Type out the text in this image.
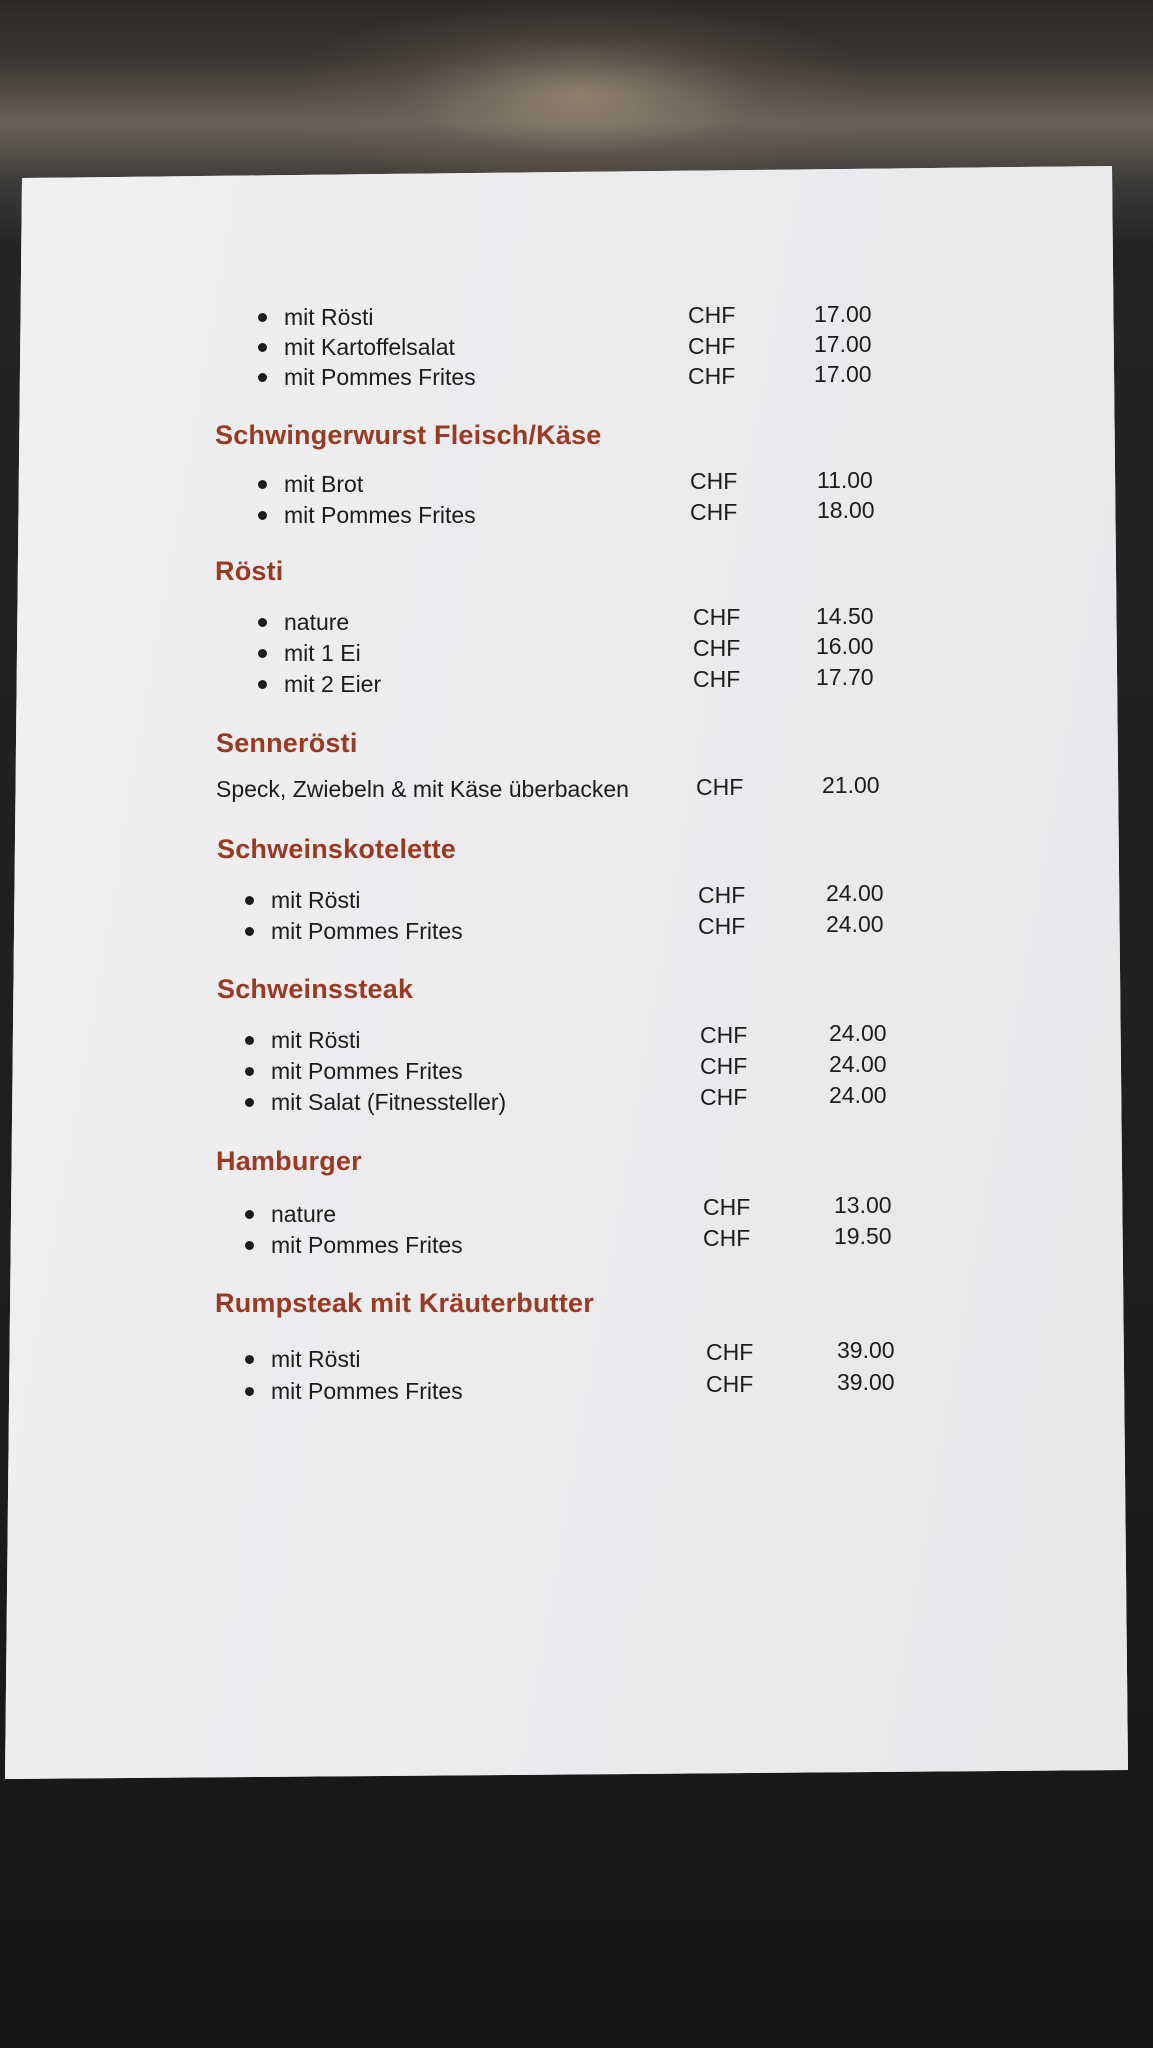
mit Rösti	CHF	17.00
mit Kartoffelsalat	CHF	17.00
mit Pommes Frites	CHF	17.00
Schwingerwurst Fleisch/Käse
mit Brot	CHF	11.00
mit Pommes Frites	CHF	18.00
Rösti
nature	CHF	14.50
mit 1 Ei	CHF	16.00
mit 2 Eier	CHF	17.70
Sennerösti
Speck, Zwiebeln & mit Käse überbacken	CHF	21.00
Schweinskotelette
mit Rösti	CHF	24.00
mit Pommes Frites	CHF	24.00
Schweinssteak
mit Rösti	CHF	24.00
mit Pommes Frites	CHF	24.00
mit Salat (Fitnessteller)	CHF	24.00
Hamburger
nature	CHF	13.00
mit Pommes Frites	CHF	19.50
Rumpsteak mit Kräuterbutter
mit Rösti	CHF	39.00
mit Pommes Frites	CHF	39.00
